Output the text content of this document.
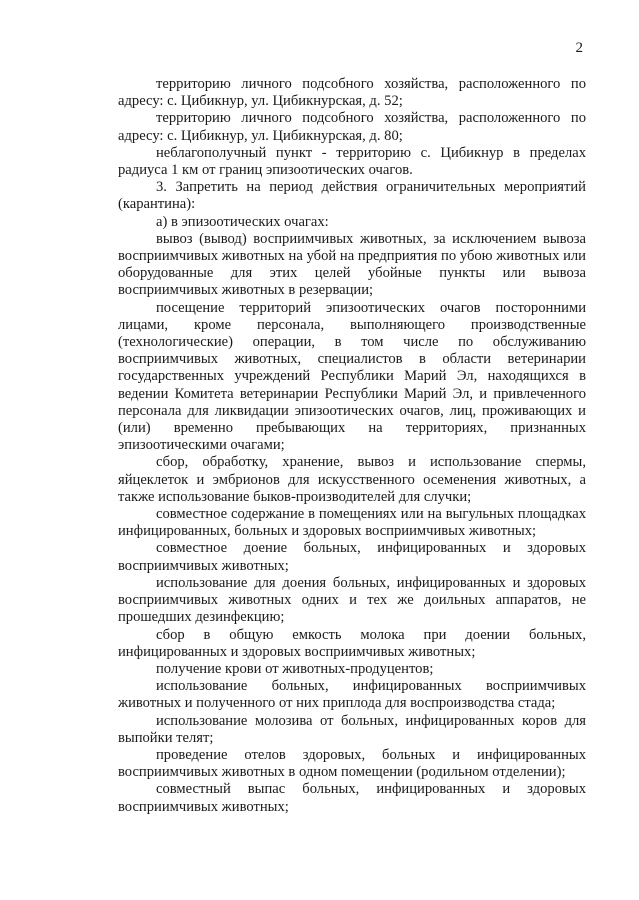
2

территорию личного подсобного хозяйства, расположенного по адресу: с. Цибикнур, ул. Цибикнурская, д. 52;

территорию личного подсобного хозяйства, расположенного по адресу: с. Цибикнур, ул. Цибикнурская, д. 80;

неблагополучный пункт - территорию с. Цибикнур в пределах радиуса 1 км от границ эпизоотических очагов.

3. Запретить на период действия ограничительных мероприятий (карантина):

а) в эпизоотических очагах:

вывоз (вывод) восприимчивых животных, за исключением вывоза восприимчивых животных на убой на предприятия по убою животных или оборудованные для этих целей убойные пункты или вывоза восприимчивых животных в резервации;

посещение территорий эпизоотических очагов посторонними лицами, кроме персонала, выполняющего производственные (технологические) операции, в том числе по обслуживанию восприимчивых животных, специалистов в области ветеринарии государственных учреждений Республики Марий Эл, находящихся в ведении Комитета ветеринарии Республики Марий Эл, и привлеченного персонала для ликвидации эпизоотических очагов, лиц, проживающих и (или) временно пребывающих на территориях, признанных эпизоотическими очагами;

сбор, обработку, хранение, вывоз и использование спермы, яйцеклеток и эмбрионов для искусственного осеменения животных, а также использование быков-производителей для случки;

совместное содержание в помещениях или на выгульных площадках инфицированных, больных и здоровых восприимчивых животных;

совместное доение больных, инфицированных и здоровых восприимчивых животных;

использование для доения больных, инфицированных и здоровых восприимчивых животных одних и тех же доильных аппаратов, не прошедших дезинфекцию;

сбор в общую емкость молока при доении больных, инфицированных и здоровых восприимчивых животных;

получение крови от животных-продуцентов;

использование больных, инфицированных восприимчивых животных и полученного от них приплода для воспроизводства стада;

использование молозива от больных, инфицированных коров для выпойки телят;

проведение отелов здоровых, больных и инфицированных восприимчивых животных в одном помещении (родильном отделении);

совместный выпас больных, инфицированных и здоровых восприимчивых животных;
